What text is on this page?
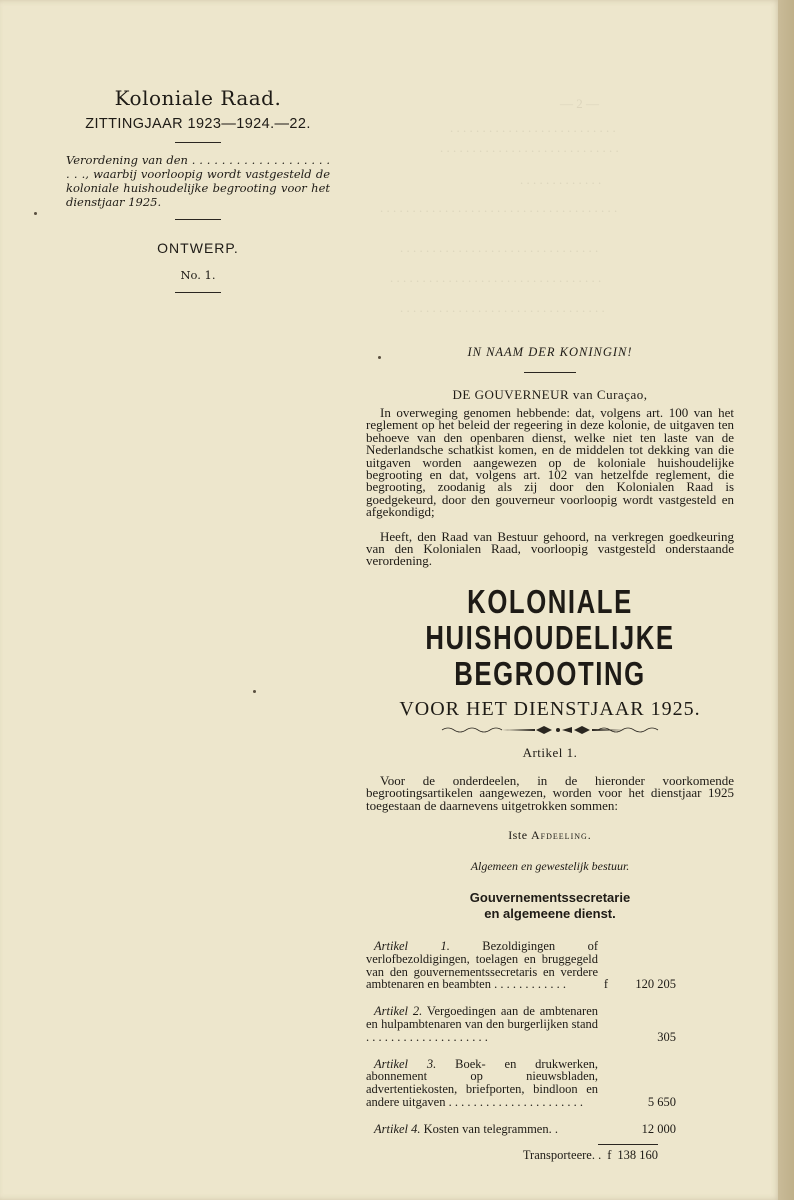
— 2 —
. . . . . . . . . . . . . . . . . . . . . . . . . .
. . . . . . . . . . . . . . . . . . . . . . . . . . . .
. . . . . . . . . . . . .
. . . . . . . . . . . . . . . . . . . . . . . . . . . . . . . . . . . . .
. . . . . . . . . . . . . . . . . . . . . . . . . . . . . . .
. . . . . . . . . . . . . . . . . . . . . . . . . . . . . . . . .
. . . . . . . . . . . . . . . . . . . . . . . . . . . . . . . .
Koloniale Raad.
ZITTINGJAAR 1923—1924.—22.
Verordening van den . . . . . . . . . . . . . . . . . . . . . ., waarbij voorloopig wordt vastgesteld de koloniale huishoudelijke begrooting voor het dienstjaar 1925.
ONTWERP.
No. 1.
IN NAAM DER KONINGIN!
DE GOUVERNEUR van Curaçao,

In overweging genomen hebbende: dat, volgens art. 100 van het reglement op het beleid der regeering in deze kolonie, de uitgaven ten behoeve van den openbaren dienst, welke niet ten laste van de Nederlandsche schatkist komen, en de middelen tot dekking van die uitgaven worden aangewezen op de koloniale huishoudelijke begrooting en dat, volgens art. 102 van hetzelfde reglement, die begrooting, zoodanig als zij door den Kolonialen Raad is goedgekeurd, door den gouverneur voorloopig wordt vastgesteld en afgekondigd;

Heeft, den Raad van Bestuur gehoord, na verkregen goedkeuring van den Kolonialen Raad, voorloopig vastgesteld onderstaande verordening.

KOLONIALE HUISHOUDELIJKE
BEGROOTING
VOOR HET DIENSTJAAR 1925.
Artikel 1.

Voor de onderdeelen, in de hieronder voorkomende begrootingsartikelen aangewezen, worden voor het dienstjaar 1925 toegestaan de daarnevens uitgetrokken sommen:

Iste Afdeeling.
Algemeen en gewestelijk bestuur.
Gouvernementssecretarie
en algemeene dienst.
Artikel 1. Bezoldigingen of verlofbezoldigingen, toelagen en bruggegeld van den gouvernementssecretaris en verdere ambtenaren en beambten . . . . . . . . . . . .	f	120 205
Artikel 2. Vergoedingen aan de ambtenaren en hulpambtenaren van den burgerlijken stand . . . . . . . . . . . . . . . . . . . .	305
Artikel 3. Boek- en drukwerken, abonnement op nieuwsbladen, advertentiekosten, briefporten, bindloon en andere uitgaven . . . . . . . . . . . . . . . . . . . . . .	5 650
Artikel 4. Kosten van telegrammen. .	12 000
Transporteere. . f 138 160
